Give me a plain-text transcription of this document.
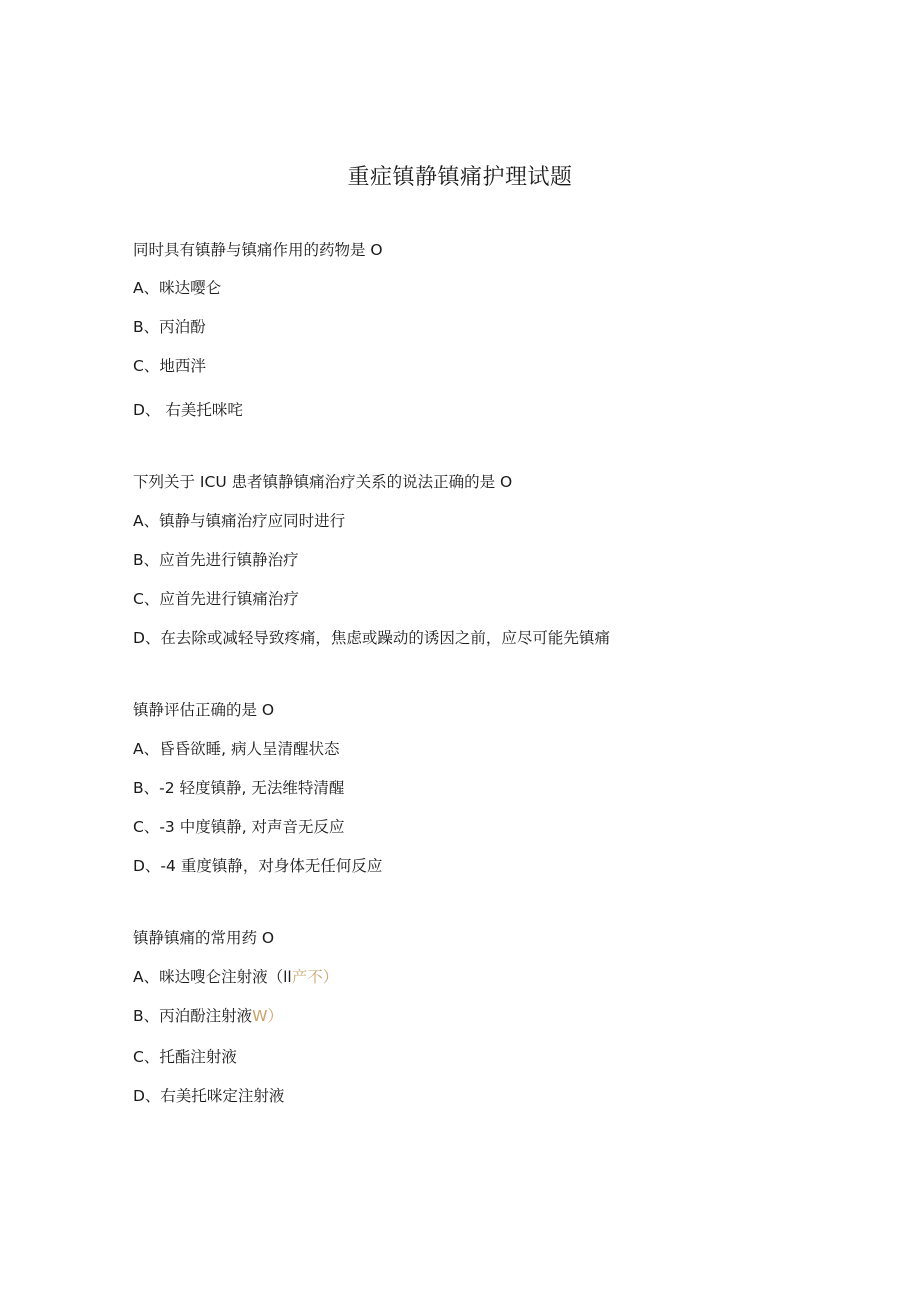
重症镇静镇痛护理试题
同时具有镇静与镇痛作用的药物是 O
A、咪达嘤仑
B、丙泊酚
C、地西泮
D、 右美托咪咤
下列关于 ICU 患者镇静镇痛治疗关系的说法正确的是 O
A、镇静与镇痛治疗应同时进行
B、应首先进行镇静治疗
C、应首先进行镇痛治疗
D、在去除或减轻导致疼痛，焦虑或躁动的诱因之前，应尽可能先镇痛
镇静评估正确的是 O
A、昏昏欲睡, 病人呈清醒状态
B、-2 轻度镇静, 无法维特清醒
C、-3 中度镇静, 对声音无反应
D、-4 重度镇静，对身体无任何反应
镇静镇痛的常用药 O
A、咪达嗖仑注射液（ll产不）
B、丙泊酚注射液W）
C、托酯注射液
D、右美托咪定注射液
